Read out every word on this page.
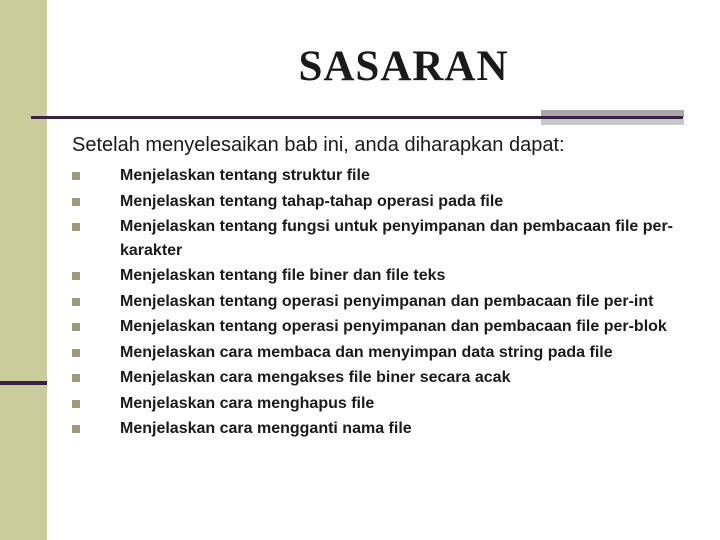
SASARAN

Setelah menyelesaikan bab ini, anda diharapkan dapat:

Menjelaskan tentang struktur file
Menjelaskan tentang tahap-tahap operasi pada file
Menjelaskan tentang fungsi untuk penyimpanan dan pembacaan file per-karakter
Menjelaskan tentang file biner dan file teks
Menjelaskan tentang operasi penyimpanan dan pembacaan file per-int
Menjelaskan tentang operasi penyimpanan dan pembacaan file per-blok
Menjelaskan cara membaca dan menyimpan data string pada file
Menjelaskan cara mengakses file biner secara acak
Menjelaskan cara menghapus file
Menjelaskan cara mengganti nama file
